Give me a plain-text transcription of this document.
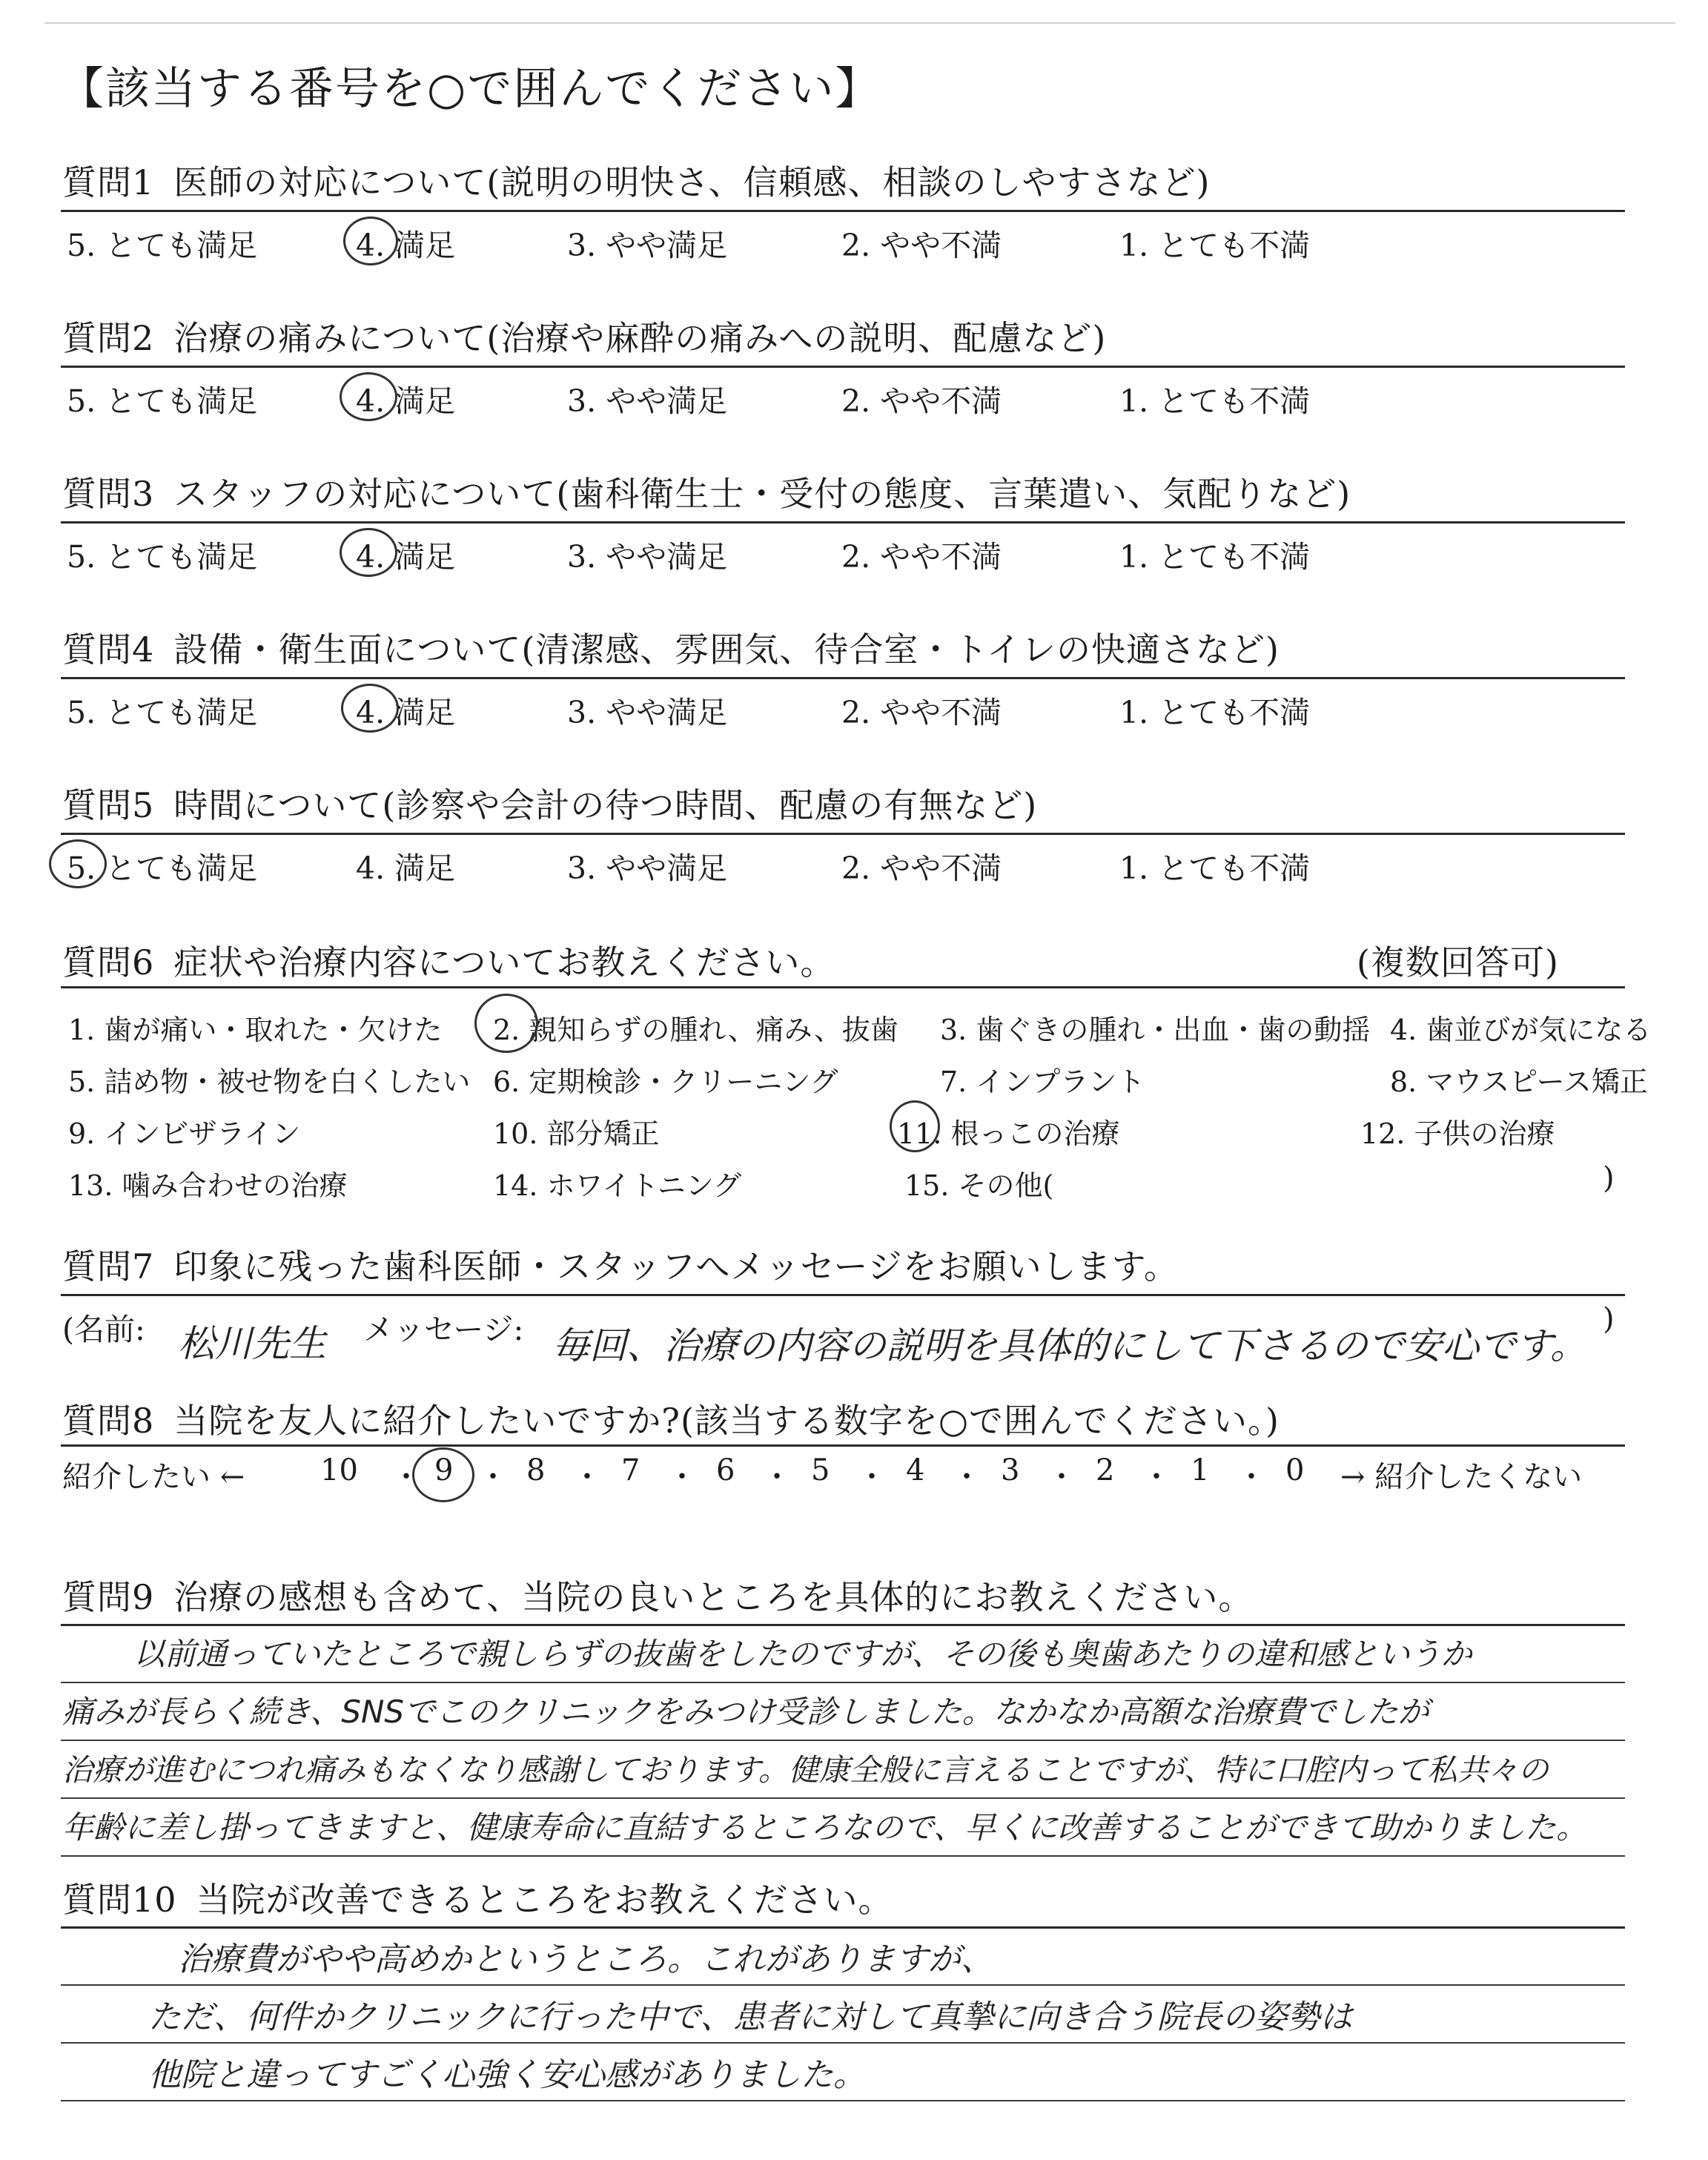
【該当する番号を○で囲んでください】
質問1 医師の対応について(説明の明快さ、信頼感、相談のしやすさなど)
5. とても満足	4. 満足	3. やや満足	2. やや不満	1. とても不満
質問2 治療の痛みについて(治療や麻酔の痛みへの説明、配慮など)
5. とても満足	4. 満足	3. やや満足	2. やや不満	1. とても不満
質問3 スタッフの対応について(歯科衛生士・受付の態度、言葉遣い、気配りなど)
5. とても満足	4. 満足	3. やや満足	2. やや不満	1. とても不満
質問4 設備・衛生面について(清潔感、雰囲気、待合室・トイレの快適さなど)
5. とても満足	4. 満足	3. やや満足	2. やや不満	1. とても不満
質問5 時間について(診察や会計の待つ時間、配慮の有無など)
5. とても満足	4. 満足	3. やや満足	2. やや不満	1. とても不満
質問6 症状や治療内容についてお教えください。	(複数回答可)
1. 歯が痛い・取れた・欠けた 2. 親知らずの腫れ、痛み、抜歯 3. 歯ぐきの腫れ・出血・歯の動揺 4. 歯並びが気になる
5. 詰め物・被せ物を白くしたい 6. 定期検診・クリーニング	7. インプラント	8. マウスピース矯正
9. インビザライン	10. 部分矯正	11. 根っこの治療	12. 子供の治療
13. 噛み合わせの治療	14. ホワイトニング	15. その他(	)
質問7 印象に残った歯科医師・スタッフへメッセージをお願いします。
(名前: 松川先生 メッセージ: 毎回、治療の内容の説明を具体的にして下さるので安心です。
)
質問8 当院を友人に紹介したいですか?(該当する数字を○で囲んでください。)
紹介したい ←	10 ・ 9 ・ 8 ・ 7 ・ 6 ・ 5 ・ 4 ・ 3 ・ 2 ・ 1 ・ 0 → 紹介したくない
質問9 治療の感想も含めて、当院の良いところを具体的にお教えください。
以前通っていたところで親しらずの抜歯をしたのですが、その後も奥歯あたりの違和感というか
痛みが長らく続き、SNSでこのクリニックをみつけ受診しました。なかなか高額な治療費でしたが
治療が進むにつれ痛みもなくなり感謝しております。健康全般に言えることですが、特に口腔内って私共々の
年齢に差し掛ってきますと、健康寿命に直結するところなので、早くに改善することができて助かりました。
質問10 当院が改善できるところをお教えください。
治療費がやや高めかというところ。これがありますが、
ただ、何件かクリニックに行った中で、患者に対して真摯に向き合う院長の姿勢は
他院と違ってすごく心強く安心感がありました。
